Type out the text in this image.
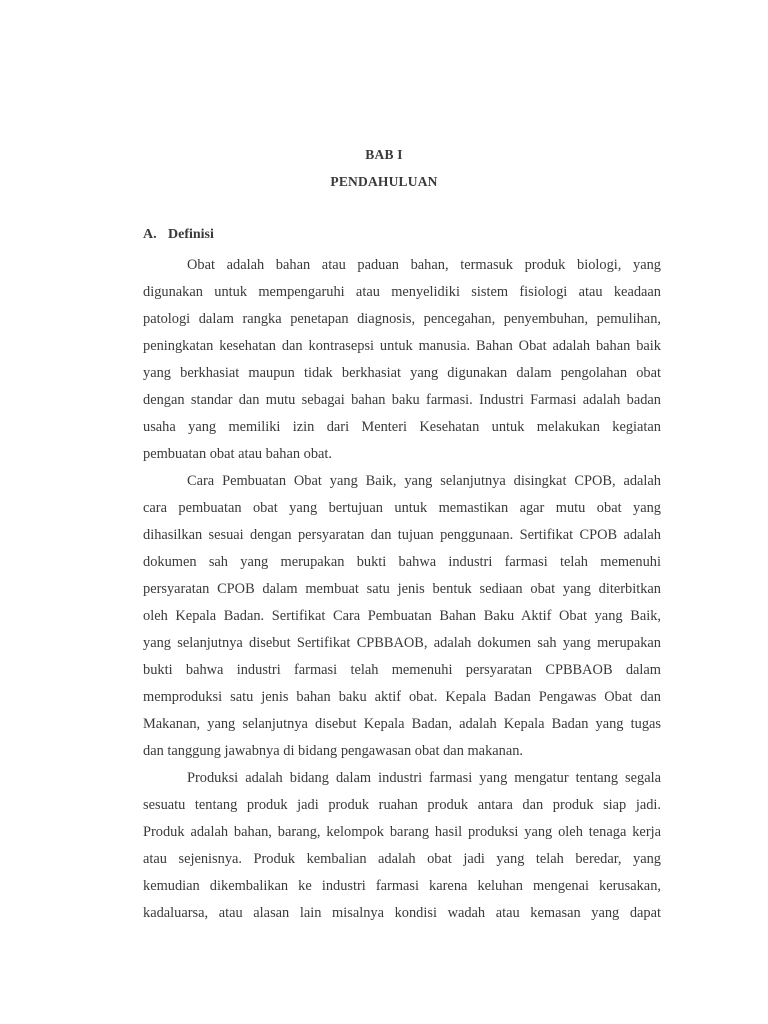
BAB I
PENDAHULUAN
A. Definisi
Obat adalah bahan atau paduan bahan, termasuk produk biologi, yang
digunakan untuk mempengaruhi atau menyelidiki sistem fisiologi atau keadaan
patologi dalam rangka penetapan diagnosis, pencegahan, penyembuhan, pemulihan,
peningkatan kesehatan dan kontrasepsi untuk manusia. Bahan Obat adalah bahan baik
yang berkhasiat maupun tidak berkhasiat yang digunakan dalam pengolahan obat
dengan standar dan mutu sebagai bahan baku farmasi. Industri Farmasi adalah badan
usaha yang memiliki izin dari Menteri Kesehatan untuk melakukan kegiatan
pembuatan obat atau bahan obat.
Cara Pembuatan Obat yang Baik, yang selanjutnya disingkat CPOB, adalah
cara pembuatan obat yang bertujuan untuk memastikan agar mutu obat yang
dihasilkan sesuai dengan persyaratan dan tujuan penggunaan. Sertifikat CPOB adalah
dokumen sah yang merupakan bukti bahwa industri farmasi telah memenuhi
persyaratan CPOB dalam membuat satu jenis bentuk sediaan obat yang diterbitkan
oleh Kepala Badan. Sertifikat Cara Pembuatan Bahan Baku Aktif Obat yang Baik,
yang selanjutnya disebut Sertifikat CPBBAOB, adalah dokumen sah yang merupakan
bukti bahwa industri farmasi telah memenuhi persyaratan CPBBAOB dalam
memproduksi satu jenis bahan baku aktif obat. Kepala Badan Pengawas Obat dan
Makanan, yang selanjutnya disebut Kepala Badan, adalah Kepala Badan yang tugas
dan tanggung jawabnya di bidang pengawasan obat dan makanan.
Produksi adalah bidang dalam industri farmasi yang mengatur tentang segala
sesuatu tentang produk jadi produk ruahan produk antara dan produk siap jadi.
Produk adalah bahan, barang, kelompok barang hasil produksi yang oleh tenaga kerja
atau sejenisnya. Produk kembalian adalah obat jadi yang telah beredar, yang
kemudian dikembalikan ke industri farmasi karena keluhan mengenai kerusakan,
kadaluarsa, atau alasan lain misalnya kondisi wadah atau kemasan yang dapat
